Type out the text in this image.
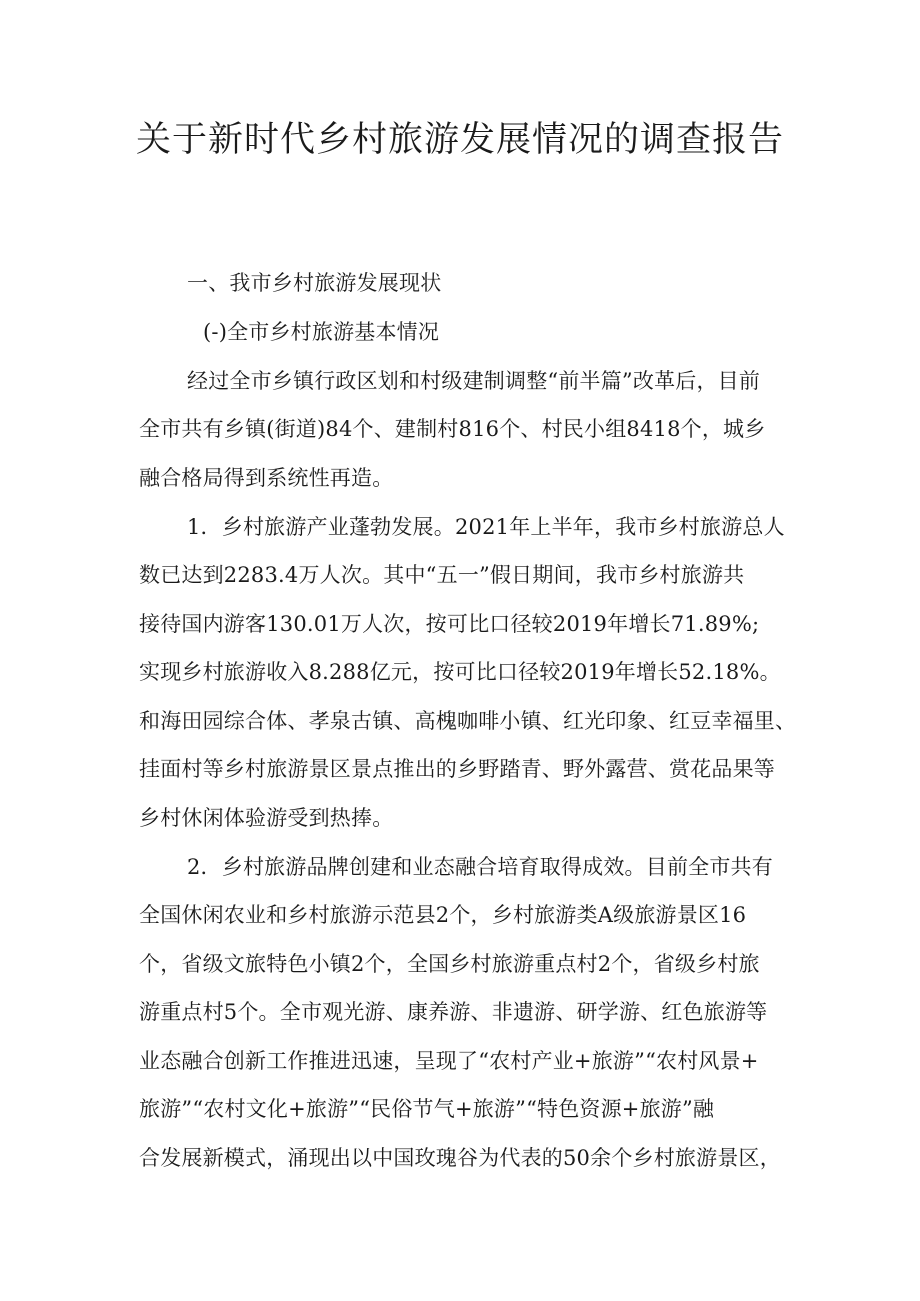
关于新时代乡村旅游发展情况的调查报告
一、我市乡村旅游发展现状
(-)全市乡村旅游基本情况
经过全市乡镇行政区划和村级建制调整“前半篇”改革后，目前
全市共有乡镇(街道)84个、建制村816个、村民小组8418个，城乡
融合格局得到系统性再造。
1．乡村旅游产业蓬勃发展。2021年上半年，我市乡村旅游总人
数已达到2283.4万人次。其中“五一”假日期间，我市乡村旅游共
接待国内游客130.01万人次，按可比口径较2019年增长71.89%;
实现乡村旅游收入8.288亿元，按可比口径较2019年增长52.18%。
和海田园综合体、孝泉古镇、高槐咖啡小镇、红光印象、红豆幸福里、
挂面村等乡村旅游景区景点推出的乡野踏青、野外露营、赏花品果等
乡村休闲体验游受到热捧。
2．乡村旅游品牌创建和业态融合培育取得成效。目前全市共有
全国休闲农业和乡村旅游示范县2个，乡村旅游类A级旅游景区16
个，省级文旅特色小镇2个，全国乡村旅游重点村2个，省级乡村旅
游重点村5个。全市观光游、康养游、非遗游、研学游、红色旅游等
业态融合创新工作推进迅速，呈现了“农村产业+旅游”“农村风景+
旅游”“农村文化+旅游”“民俗节气+旅游”“特色资源+旅游”融
合发展新模式，涌现出以中国玫瑰谷为代表的50余个乡村旅游景区，
